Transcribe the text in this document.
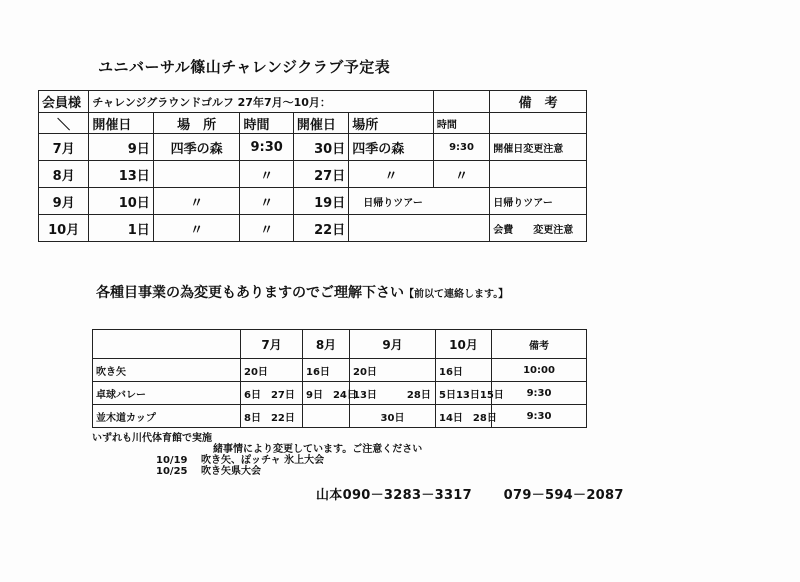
ユニバーサル篠山チャレンジクラブ予定表
会員様	チャレンジグラウンドゴルフ 27年7月～10月：						備　考
＼	開催日	場　所	時間	開催日	場所	時間	
7月	9日	四季の森	9:30	30日	四季の森	9:30	開催日変更注意
8月	13日		〃	27日	〃	〃	
9月	10日	〃	〃	19日	日帰りツアー		日帰りツアー
10月	1日	〃	〃	22日			会費　　変更注意
各種目事業の為変更もありますのでご理解下さい【前以て連絡します。】
	7月	8月	9月	10月	備考
吹き矢	20日	16日	20日	16日	10:00
卓球バレー	6日　27日	9日　24日	13日　　　28日	5日13日15日	9:30
並木道カップ	8日　22日		30日	14日　28日	9:30
いずれも川代体育館で実施
緒事情により変更しています。ご注意ください
10/19　 吹き矢、ぽッチャ 氷上大会
10/25　 吹き矢県大会
山本090－3283－3317 079－594－2087
